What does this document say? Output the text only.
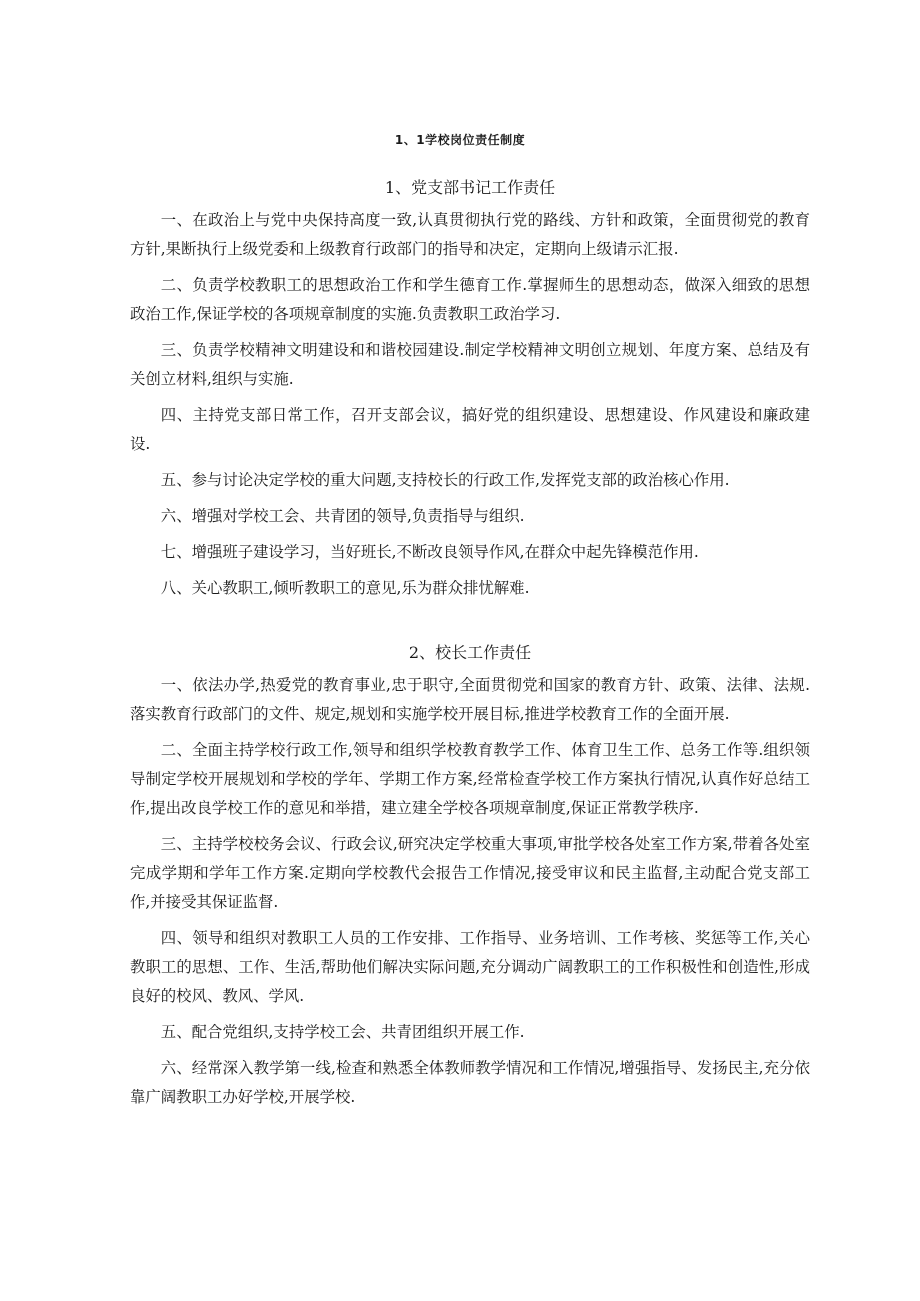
1、1学校岗位责任制度
1、党支部书记工作责任

一、在政治上与党中央保持高度一致,认真贯彻执行党的路线、方针和政策，全面贯彻党的教育方针,果断执行上级党委和上级教育行政部门的指导和决定，定期向上级请示汇报.

二、负责学校教职工的思想政治工作和学生德育工作.掌握师生的思想动态，做深入细致的思想政治工作,保证学校的各项规章制度的实施.负责教职工政治学习.

三、负责学校精神文明建设和和谐校园建设.制定学校精神文明创立规划、年度方案、总结及有关创立材料,组织与实施.

四、主持党支部日常工作，召开支部会议，搞好党的组织建设、思想建设、作风建设和廉政建设.

五、参与讨论决定学校的重大问题,支持校长的行政工作,发挥党支部的政治核心作用.

六、增强对学校工会、共青团的领导,负责指导与组织.

七、增强班子建设学习，当好班长,不断改良领导作风,在群众中起先锋模范作用.

八、关心教职工,倾听教职工的意见,乐为群众排忧解难.

2、校长工作责任

一、依法办学,热爱党的教育事业,忠于职守,全面贯彻党和国家的教育方针、政策、法律、法规.落实教育行政部门的文件、规定,规划和实施学校开展目标,推进学校教育工作的全面开展.

二、全面主持学校行政工作,领导和组织学校教育教学工作、体育卫生工作、总务工作等.组织领导制定学校开展规划和学校的学年、学期工作方案,经常检查学校工作方案执行情况,认真作好总结工作,提出改良学校工作的意见和举措，建立建全学校各项规章制度,保证正常教学秩序.

三、主持学校校务会议、行政会议,研究决定学校重大事项,审批学校各处室工作方案,带着各处室完成学期和学年工作方案.定期向学校教代会报告工作情况,接受审议和民主监督,主动配合党支部工作,并接受其保证监督.

四、领导和组织对教职工人员的工作安排、工作指导、业务培训、工作考核、奖惩等工作,关心教职工的思想、工作、生活,帮助他们解决实际问题,充分调动广阔教职工的工作积极性和创造性,形成良好的校风、教风、学风.

五、配合党组织,支持学校工会、共青团组织开展工作.

六、经常深入教学第一线,检查和熟悉全体教师教学情况和工作情况,增强指导、发扬民主,充分依靠广阔教职工办好学校,开展学校.
